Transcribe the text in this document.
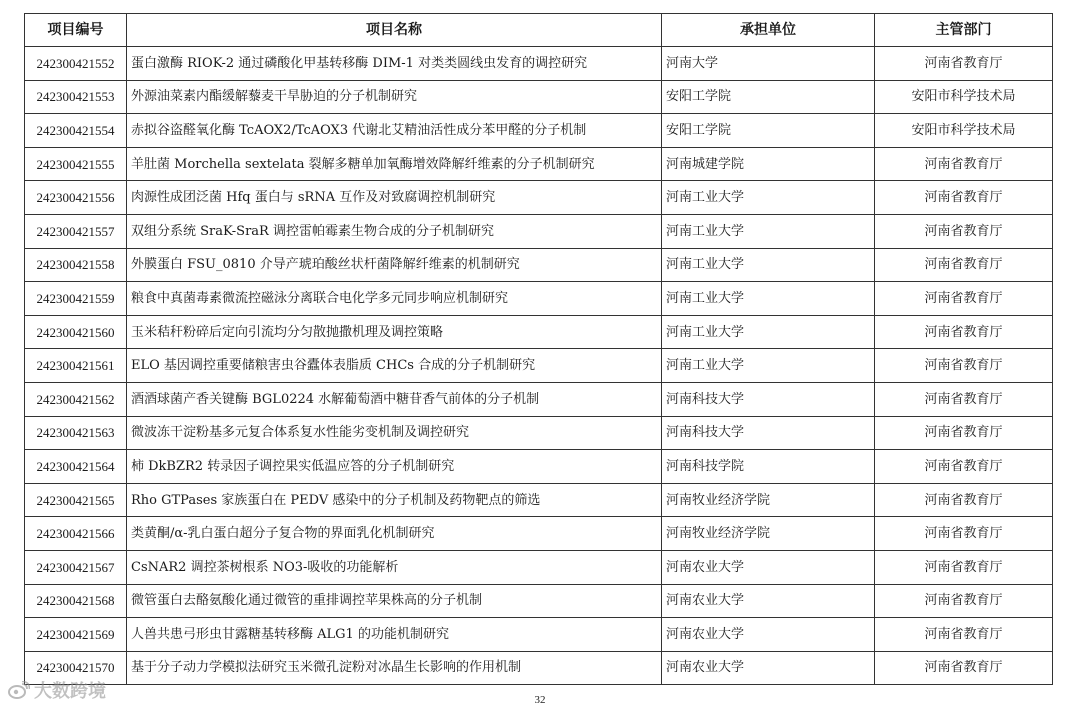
项目编号	项目名称	承担单位	主管部门
242300421552	蛋白激酶 RIOK-2 通过磷酸化甲基转移酶 DIM-1 对类类圆线虫发育的调控研究	河南大学	河南省教育厅
242300421553	外源油菜素内酯缓解藜麦干旱胁迫的分子机制研究	安阳工学院	安阳市科学技术局
242300421554	赤拟谷盗醛氧化酶 TcAOX2/TcAOX3 代谢北艾精油活性成分苯甲醛的分子机制	安阳工学院	安阳市科学技术局
242300421555	羊肚菌 Morchella sextelata 裂解多糖单加氧酶增效降解纤维素的分子机制研究	河南城建学院	河南省教育厅
242300421556	肉源性成团泛菌 Hfq 蛋白与 sRNA 互作及对致腐调控机制研究	河南工业大学	河南省教育厅
242300421557	双组分系统 SraK-SraR 调控雷帕霉素生物合成的分子机制研究	河南工业大学	河南省教育厅
242300421558	外膜蛋白 FSU_0810 介导产琥珀酸丝状杆菌降解纤维素的机制研究	河南工业大学	河南省教育厅
242300421559	粮食中真菌毒素微流控磁泳分离联合电化学多元同步响应机制研究	河南工业大学	河南省教育厅
242300421560	玉米秸秆粉碎后定向引流均分匀散抛撒机理及调控策略	河南工业大学	河南省教育厅
242300421561	ELO 基因调控重要储粮害虫谷蠹体表脂质 CHCs 合成的分子机制研究	河南工业大学	河南省教育厅
242300421562	酒酒球菌产香关键酶 BGL0224 水解葡萄酒中糖苷香气前体的分子机制	河南科技大学	河南省教育厅
242300421563	微波冻干淀粉基多元复合体系复水性能劣变机制及调控研究	河南科技大学	河南省教育厅
242300421564	柿 DkBZR2 转录因子调控果实低温应答的分子机制研究	河南科技学院	河南省教育厅
242300421565	Rho GTPases 家族蛋白在 PEDV 感染中的分子机制及药物靶点的筛选	河南牧业经济学院	河南省教育厅
242300421566	类黄酮/α-乳白蛋白超分子复合物的界面乳化机制研究	河南牧业经济学院	河南省教育厅
242300421567	CsNAR2 调控茶树根系 NO3-吸收的功能解析	河南农业大学	河南省教育厅
242300421568	微管蛋白去酪氨酸化通过微管的重排调控苹果株高的分子机制	河南农业大学	河南省教育厅
242300421569	人兽共患弓形虫甘露糖基转移酶 ALG1 的功能机制研究	河南农业大学	河南省教育厅
242300421570	基于分子动力学模拟法研究玉米微孔淀粉对冰晶生长影响的作用机制	河南农业大学	河南省教育厅
大数跨境	32
